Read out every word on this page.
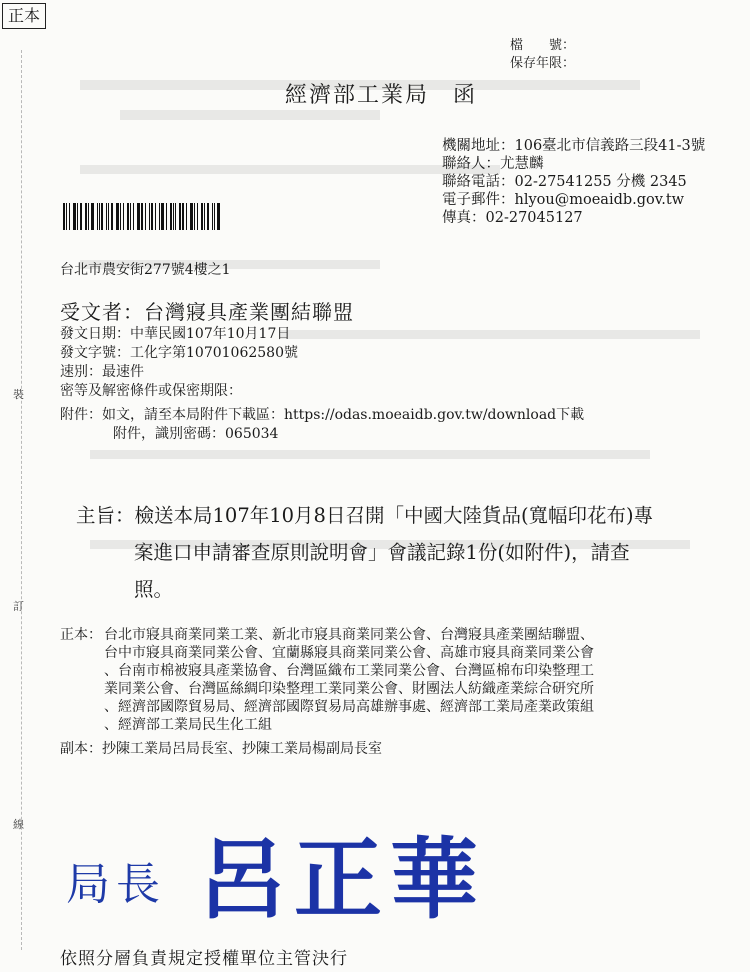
正本
檔　　號：
保存年限：
經濟部工業局　函
機關地址：106臺北市信義路三段41-3號
聯絡人：尤慧麟
聯絡電話：02-27541255 分機 2345
電子郵件：hlyou@moeaidb.gov.tw
傳真：02-27045127
台北市農安街277號4樓之1
受文者：台灣寢具產業團結聯盟
發文日期：中華民國107年10月17日
發文字號：工化字第10701062580號
速別：最速件
密等及解密條件或保密期限：
附件：如文，請至本局附件下載區：https://odas.moeaidb.gov.tw/download下載
附件，識別密碼：065034
主旨：檢送本局107年10月8日召開「中國大陸貨品(寬幅印花布)專
案進口申請審查原則說明會」會議記錄1份(如附件)，請查
照。
正本： 台北市寢具商業同業工業、新北市寢具商業同業公會、台灣寢具產業團結聯盟、
台中市寢具商業同業公會、宜蘭縣寢具商業同業公會、高雄市寢具商業同業公會
、台南市棉被寢具產業協會、台灣區織布工業同業公會、台灣區棉布印染整理工
業同業公會、台灣區絲綢印染整理工業同業公會、財團法人紡織產業綜合研究所
、經濟部國際貿易局、經濟部國際貿易局高雄辦事處、經濟部工業局產業政策組
、經濟部工業局民生化工組
副本：抄陳工業局呂局長室、抄陳工業局楊副局長室
裝
訂
線
局長 呂正華
依照分層負責規定授權單位主管決行
